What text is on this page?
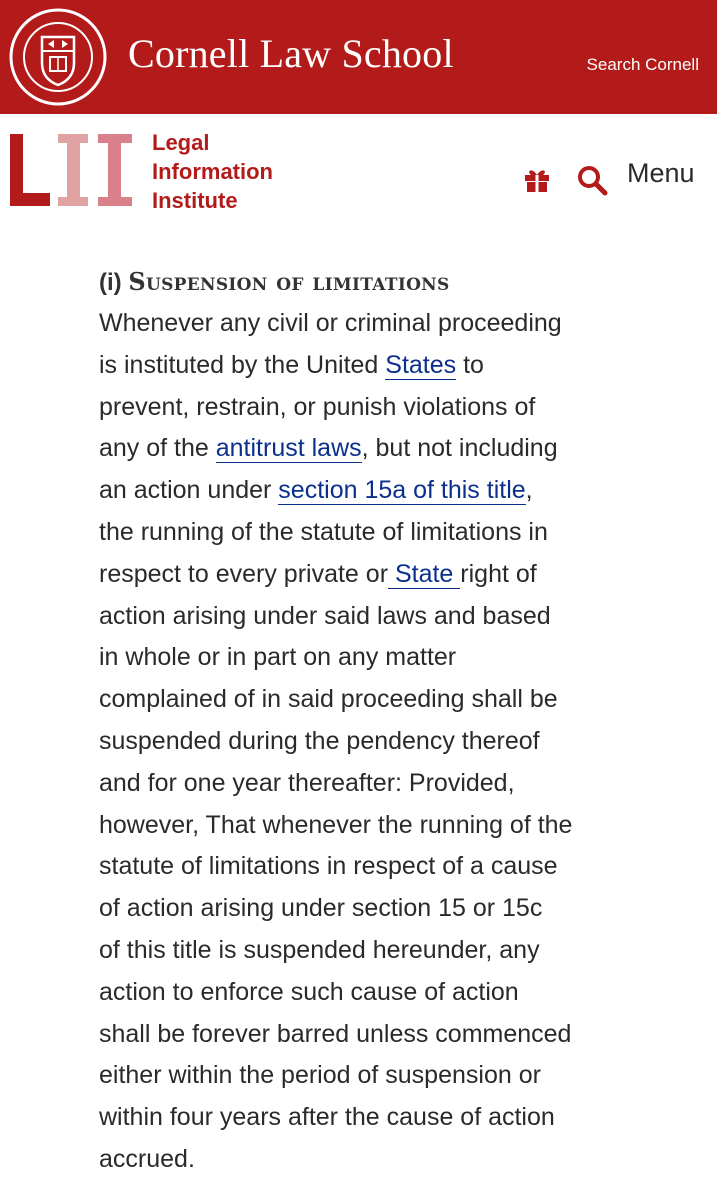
Cornell Law School	Search Cornell
Legal
Information
Institute
Menu
(i) Suspension of limitations
Whenever any civil or criminal proceeding
is instituted by the United States to
prevent, restrain, or punish violations of
any of the antitrust laws, but not including
an action under section 15a of this title,
the running of the statute of limitations in
respect to every private or State right of
action arising under said laws and based
in whole or in part on any matter
complained of in said proceeding shall be
suspended during the pendency thereof
and for one year thereafter: Provided,
however, That whenever the running of the
statute of limitations in respect of a cause
of action arising under section 15 or 15c
of this title is suspended hereunder, any
action to enforce such cause of action
shall be forever barred unless commenced
either within the period of suspension or
within four years after the cause of action
accrued.
